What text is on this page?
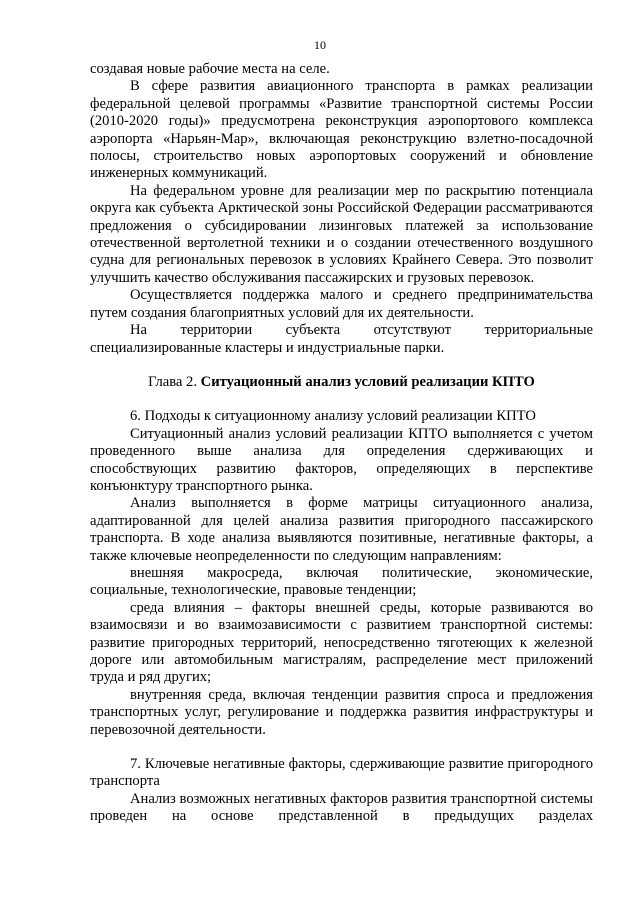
10

создавая новые рабочие места на селе.

В сфере развития авиационного транспорта в рамках реализации федеральной целевой программы «Развитие транспортной системы России (2010-2020 годы)» предусмотрена реконструкция аэропортового комплекса аэропорта «Нарьян-Мар», включающая реконструкцию взлетно-посадочной полосы, строительство новых аэропортовых сооружений и обновление инженерных коммуникаций.

На федеральном уровне для реализации мер по раскрытию потенциала округа как субъекта Арктической зоны Российской Федерации рассматриваются предложения о субсидировании лизинговых платежей за использование отечественной вертолетной техники и о создании отечественного воздушного судна для региональных перевозок в условиях Крайнего Севера. Это позволит улучшить качество обслуживания пассажирских и грузовых перевозок.

Осуществляется поддержка малого и среднего предпринимательства путем создания благоприятных условий для их деятельности.

На территории субъекта отсутствуют территориальные специализированные кластеры и индустриальные парки.

Глава 2. Ситуационный анализ условий реализации КПТО

6. Подходы к ситуационному анализу условий реализации КПТО

Ситуационный анализ условий реализации КПТО выполняется с учетом проведенного выше анализа для определения сдерживающих и способствующих развитию факторов, определяющих в перспективе конъюнктуру транспортного рынка.

Анализ выполняется в форме матрицы ситуационного анализа, адаптированной для целей анализа развития пригородного пассажирского транспорта. В ходе анализа выявляются позитивные, негативные факторы, а также ключевые неопределенности по следующим направлениям:

внешняя макросреда, включая политические, экономические, социальные, технологические, правовые тенденции;

среда влияния – факторы внешней среды, которые развиваются во взаимосвязи и во взаимозависимости с развитием транспортной системы: развитие пригородных территорий, непосредственно тяготеющих к железной дороге или автомобильным магистралям, распределение мест приложений труда и ряд других;

внутренняя среда, включая тенденции развития спроса и предложения транспортных услуг, регулирование и поддержка развития инфраструктуры и перевозочной деятельности.

7. Ключевые негативные факторы, сдерживающие развитие пригородного транспорта

Анализ возможных негативных факторов развития транспортной системы проведен на основе представленной в предыдущих разделах
